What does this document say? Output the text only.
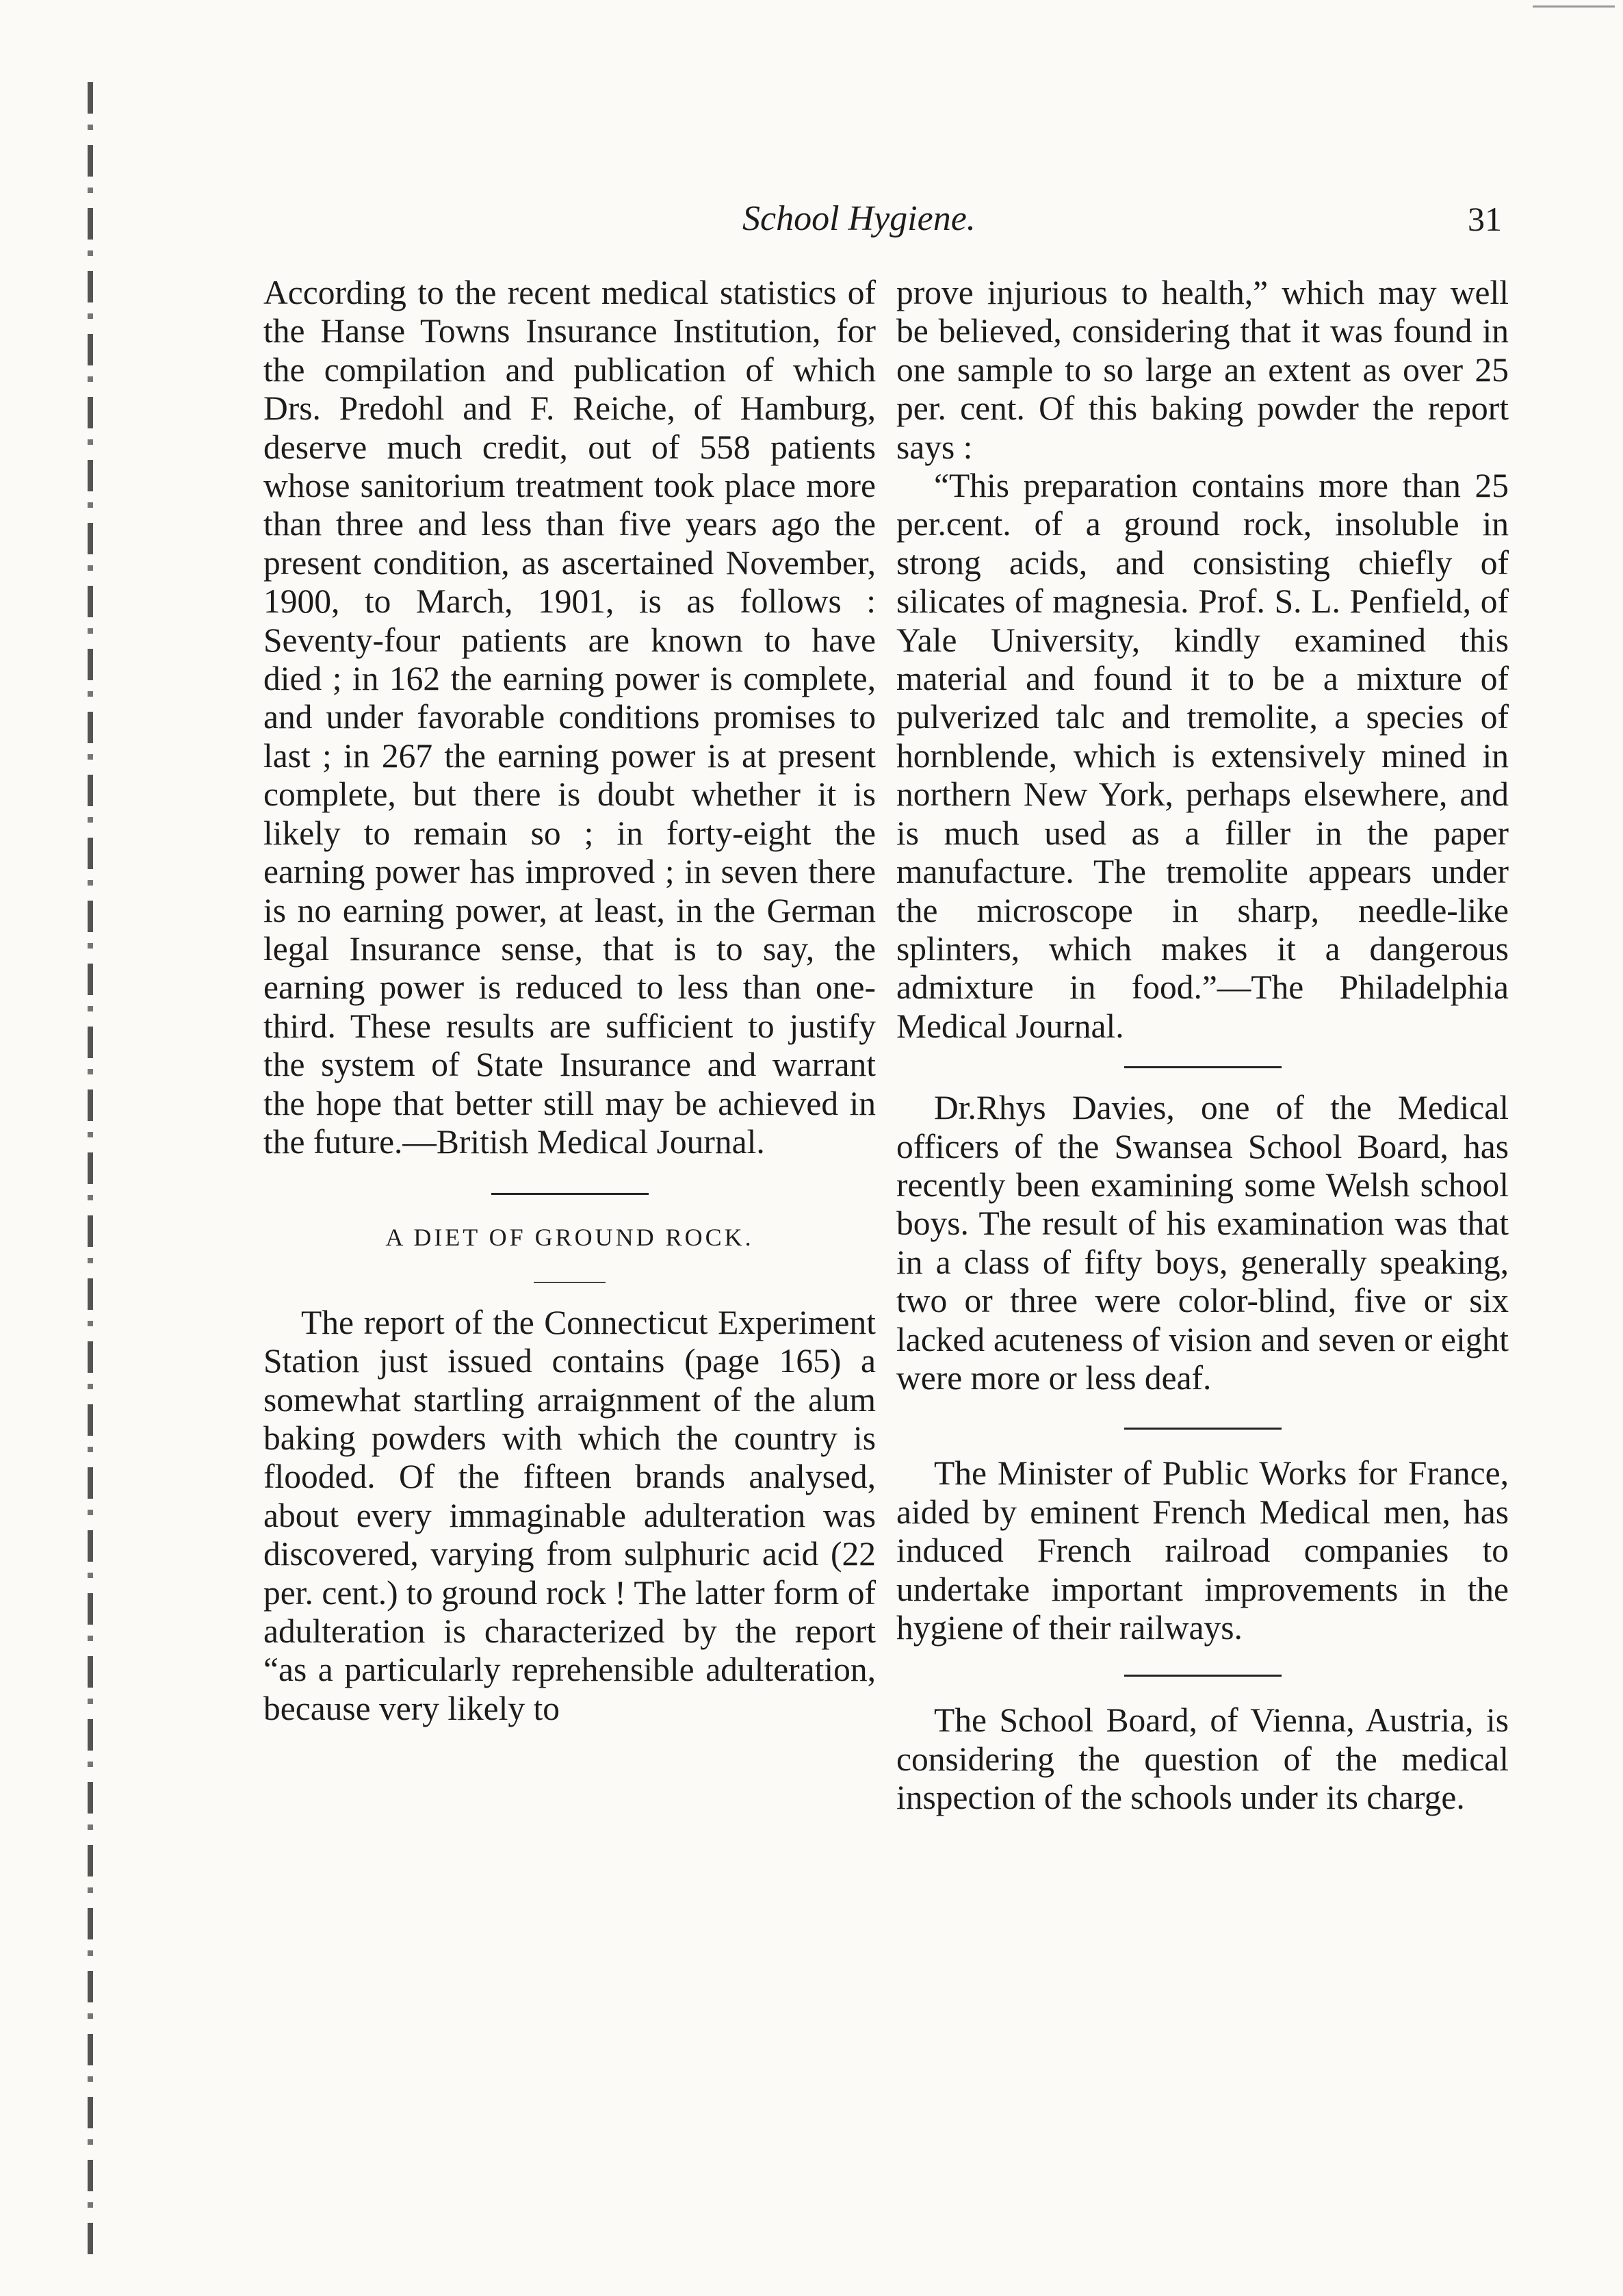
School Hygiene.	31

According to the recent medical statistics of the Hanse Towns Insurance Institution, for the compilation and publication of which Drs. Predohl and F. Reiche, of Hamburg, deserve much credit, out of 558 patients whose sanitorium treatment took place more than three and less than five years ago the present condition, as ascertained November, 1900, to March, 1901, is as follows : Seventy-four patients are known to have died ; in 162 the earning power is complete, and under favorable conditions promises to last ; in 267 the earning power is at present complete, but there is doubt whether it is likely to remain so ; in forty-eight the earning power has improved ; in seven there is no earning power, at least, in the German legal Insurance sense, that is to say, the earning power is reduced to less than one-third. These results are sufficient to justify the system of State Insurance and warrant the hope that better still may be achieved in the future.—British Medical Journal.

A DIET OF GROUND ROCK.

The report of the Connecticut Experiment Station just issued contains (page 165) a somewhat startling arraignment of the alum baking powders with which the country is flooded. Of the fifteen brands analysed, about every immaginable adulteration was discovered, varying from sulphuric acid (22 per. cent.) to ground rock ! The latter form of adulteration is characterized by the report “as a particularly reprehensible adulteration, because very likely to

prove injurious to health,” which may well be believed, considering that it was found in one sample to so large an extent as over 25 per. cent. Of this baking powder the report says :

“This preparation contains more than 25 per.cent. of a ground rock, insoluble in strong acids, and consisting chiefly of silicates of magnesia. Prof. S. L. Penfield, of Yale University, kindly examined this material and found it to be a mixture of pulverized talc and tremolite, a species of hornblende, which is extensively mined in northern New York, perhaps elsewhere, and is much used as a filler in the paper manufacture. The tremolite appears under the microscope in sharp, needle-like splinters, which makes it a dangerous admixture in food.”—The Philadelphia Medical Journal.

Dr.Rhys Davies, one of the Medical officers of the Swansea School Board, has recently been examining some Welsh school boys. The result of his examination was that in a class of fifty boys, generally speaking, two or three were color-blind, five or six lacked acuteness of vision and seven or eight were more or less deaf.

The Minister of Public Works for France, aided by eminent French Medical men, has induced French railroad companies to undertake important improvements in the hygiene of their railways.

The School Board, of Vienna, Austria, is considering the question of the medical inspection of the schools under its charge.
